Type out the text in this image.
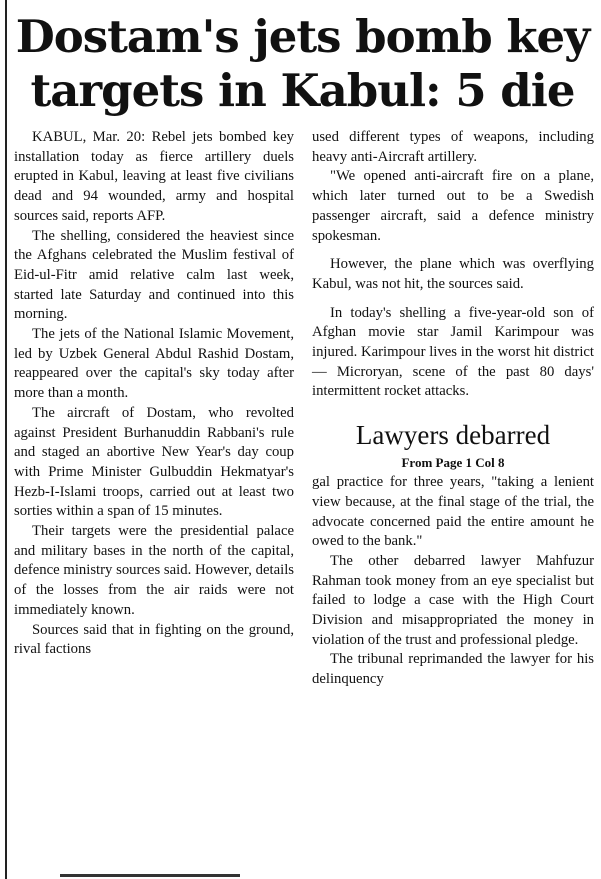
Dostam's jets bomb key targets in Kabul: 5 die

KABUL, Mar. 20: Rebel jets bombed key installation today as fierce artillery duels erupted in Kabul, leaving at least five civilians dead and 94 wounded, army and hospital sources said, reports AFP.

The shelling, considered the heaviest since the Afghans celebrated the Muslim festival of Eid-ul-Fitr amid relative calm last week, started late Saturday and continued into this morning.

The jets of the National Islamic Movement, led by Uzbek General Abdul Rashid Dostam, reappeared over the capital's sky today after more than a month.

The aircraft of Dostam, who revolted against President Burhanuddin Rabbani's rule and staged an abortive New Year's day coup with Prime Minister Gulbuddin Hekmatyar's Hezb-I-Islami troops, carried out at least two sorties within a span of 15 minutes.

Their targets were the presidential palace and military bases in the north of the capital, defence ministry sources said. However, details of the losses from the air raids were not immediately known.

Sources said that in fighting on the ground, rival factions

used different types of weapons, including heavy anti-Aircraft artillery.

"We opened anti-aircraft fire on a plane, which later turned out to be a Swedish passenger aircraft, said a defence ministry spokesman.

However, the plane which was overflying Kabul, was not hit, the sources said.

In today's shelling a five-year-old son of Afghan movie star Jamil Karimpour was injured. Karimpour lives in the worst hit district — Microryan, scene of the past 80 days' intermittent rocket attacks.

Lawyers debarred
From Page 1 Col 8

gal practice for three years, "taking a lenient view because, at the final stage of the trial, the advocate concerned paid the entire amount he owed to the bank."

The other debarred lawyer Mahfuzur Rahman took money from an eye specialist but failed to lodge a case with the High Court Division and misappropriated the money in violation of the trust and professional pledge.

The tribunal reprimanded the lawyer for his delinquency
